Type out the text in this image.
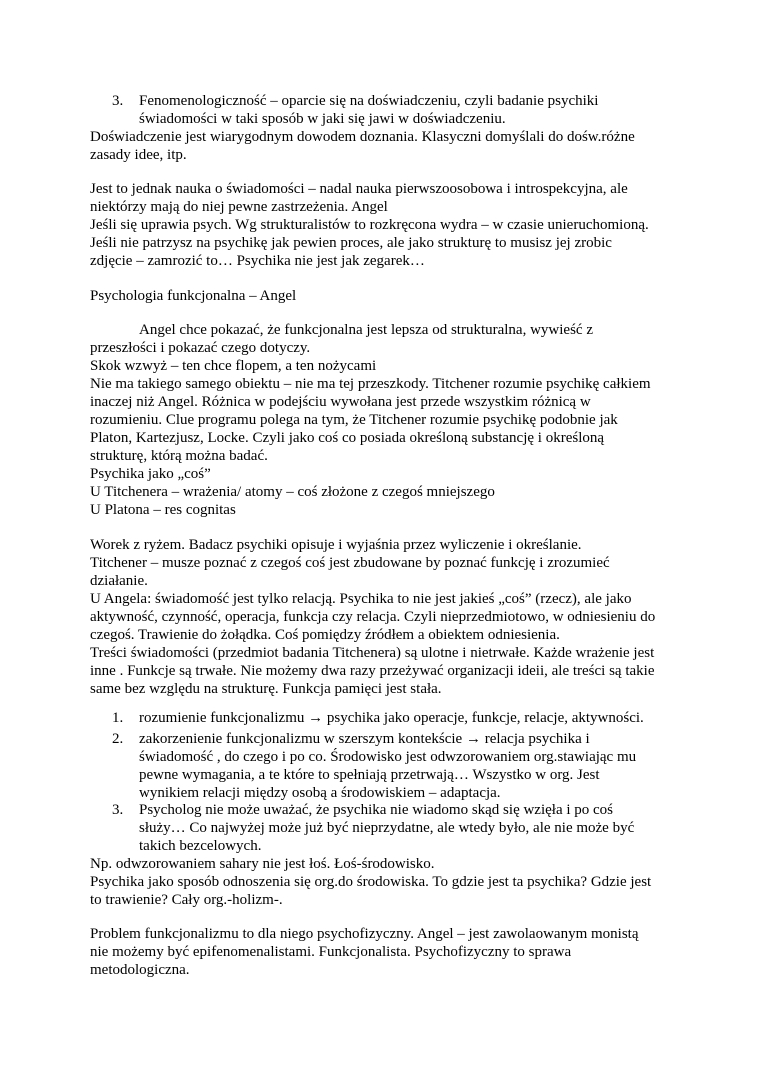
3. Fenomenologiczność – oparcie się na doświadczeniu, czyli badanie psychiki
świadomości w taki sposób w jaki się jawi w doświadczeniu.
Doświadczenie jest wiarygodnym dowodem doznania. Klasyczni domyślali do dośw.różne
zasady idee, itp.
Jest to jednak nauka o świadomości – nadal nauka pierwszoosobowa i introspekcyjna, ale
niektórzy mają do niej pewne zastrzeżenia. Angel
Jeśli się uprawia psych. Wg strukturalistów to rozkręcona wydra – w czasie unieruchomioną.
Jeśli nie patrzysz na psychikę jak pewien proces, ale jako strukturę to musisz jej zrobic
zdjęcie – zamrozić to… Psychika nie jest jak zegarek…
Psychologia funkcjonalna – Angel
Angel chce pokazać, że funkcjonalna jest lepsza od strukturalna, wywieść z
przeszłości i pokazać czego dotyczy.
Skok wzwyż – ten chce flopem, a ten nożycami
Nie ma takiego samego obiektu – nie ma tej przeszkody. Titchener rozumie psychikę całkiem
inaczej niż Angel. Różnica w podejściu wywołana jest przede wszystkim różnicą w
rozumieniu. Clue programu polega na tym, że Titchener rozumie psychikę podobnie jak
Platon, Kartezjusz, Locke. Czyli jako coś co posiada określoną substancję i określoną
strukturę, którą można badać.
Psychika jako „coś”
U Titchenera – wrażenia/ atomy – coś złożone z czegoś mniejszego
U Platona – res cognitas
Worek z ryżem. Badacz psychiki opisuje i wyjaśnia przez wyliczenie i określanie.
Titchener – musze poznać z czegoś coś jest zbudowane by poznać funkcję i zrozumieć
działanie.
U Angela: świadomość jest tylko relacją. Psychika to nie jest jakieś „coś” (rzecz), ale jako
aktywność, czynność, operacja, funkcja czy relacja. Czyli nieprzedmiotowo, w odniesieniu do
czegoś. Trawienie do żołądka. Coś pomiędzy źródłem a obiektem odniesienia.
Treści świadomości (przedmiot badania Titchenera) są ulotne i nietrwałe. Każde wrażenie jest
inne . Funkcje są trwałe. Nie możemy dwa razy przeżywać organizacji ideii, ale treści są takie
same bez względu na strukturę. Funkcja pamięci jest stała.
1. rozumienie funkcjonalizmu → psychika jako operacje, funkcje, relacje, aktywności.
2. zakorzenienie funkcjonalizmu w szerszym kontekście → relacja psychika i
świadomość , do czego i po co. Środowisko jest odwzorowaniem org.stawiając mu
pewne wymagania, a te które to spełniają przetrwają… Wszystko w org. Jest
wynikiem relacji między osobą a środowiskiem – adaptacja.
3. Psycholog nie może uważać, że psychika nie wiadomo skąd się wzięła i po coś
służy… Co najwyżej może już być nieprzydatne, ale wtedy było, ale nie może być
takich bezcelowych.
Np. odwzorowaniem sahary nie jest łoś. Łoś-środowisko.
Psychika jako sposób odnoszenia się org.do środowiska. To gdzie jest ta psychika? Gdzie jest
to trawienie? Cały org.-holizm-.
Problem funkcjonalizmu to dla niego psychofizyczny. Angel – jest zawolaowanym monistą
nie możemy być epifenomenalistami. Funkcjonalista. Psychofizyczny to sprawa
metodologiczna.
